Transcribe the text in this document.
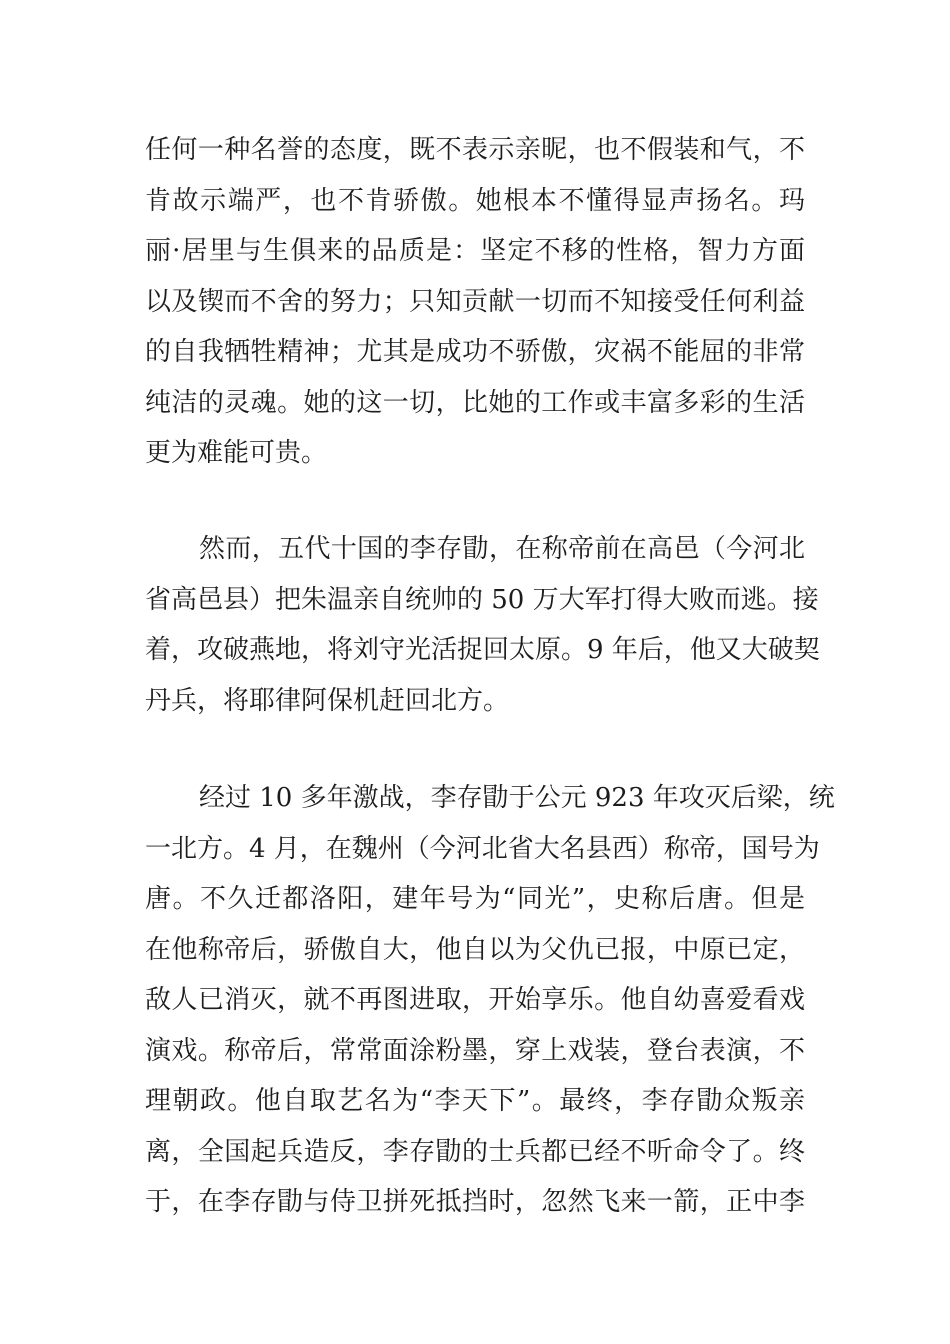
任何一种名誉的态度，既不表示亲昵，也不假装和气，不
肯故示端严，也不肯骄傲。她根本不懂得显声扬名。玛
丽·居里与生俱来的品质是：坚定不移的性格，智力方面
以及锲而不舍的努力；只知贡献一切而不知接受任何利益
的自我牺牲精神；尤其是成功不骄傲，灾祸不能屈的非常
纯洁的灵魂。她的这一切，比她的工作或丰富多彩的生活
更为难能可贵。
然而，五代十国的李存勖，在称帝前在高邑（今河北
省高邑县）把朱温亲自统帅的 50 万大军打得大败而逃。接
着，攻破燕地，将刘守光活捉回太原。9 年后，他又大破契
丹兵，将耶律阿保机赶回北方。
经过 10 多年激战，李存勖于公元 923 年攻灭后梁，统
一北方。4 月，在魏州（今河北省大名县西）称帝，国号为
唐。不久迁都洛阳，建年号为“同光”，史称后唐。但是
在他称帝后，骄傲自大，他自以为父仇已报，中原已定，
敌人已消灭，就不再图进取，开始享乐。他自幼喜爱看戏
演戏。称帝后，常常面涂粉墨，穿上戏装，登台表演，不
理朝政。他自取艺名为“李天下”。最终，李存勖众叛亲
离，全国起兵造反，李存勖的士兵都已经不听命令了。终
于，在李存勖与侍卫拼死抵挡时，忽然飞来一箭，正中李
